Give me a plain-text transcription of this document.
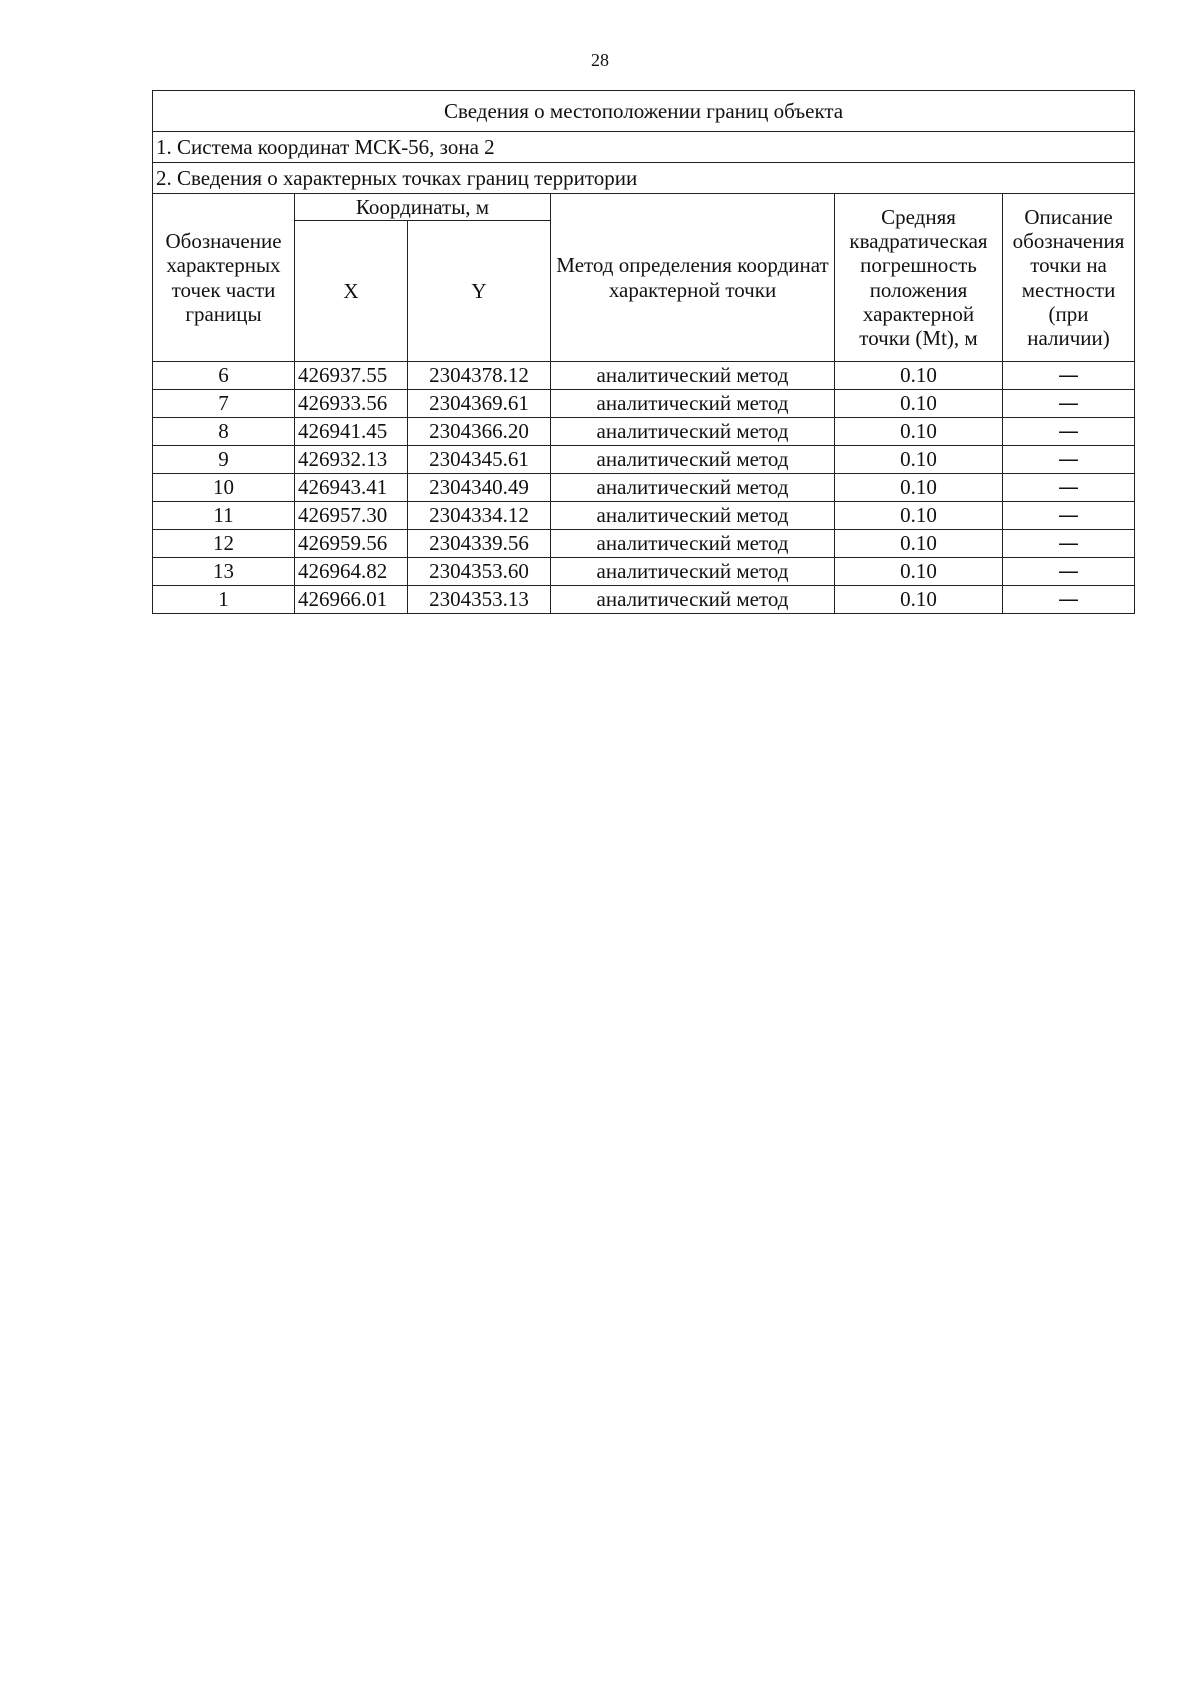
28
Сведения о местоположении границ объекта					
1. Система координат МСК-56, зона 2					
2. Сведения о характерных точках границ территории					
Обозначение характерных точек части границы	Координаты, м		Метод определения координат характерной точки	Средняя квадратическая погрешность положения характерной точки (Mt), м	Описание обозначения точки на местности (при наличии)
	X	Y			
6	426937.55	2304378.12	аналитический метод	0.10	—
7	426933.56	2304369.61	аналитический метод	0.10	—
8	426941.45	2304366.20	аналитический метод	0.10	—
9	426932.13	2304345.61	аналитический метод	0.10	—
10	426943.41	2304340.49	аналитический метод	0.10	—
11	426957.30	2304334.12	аналитический метод	0.10	—
12	426959.56	2304339.56	аналитический метод	0.10	—
13	426964.82	2304353.60	аналитический метод	0.10	—
1	426966.01	2304353.13	аналитический метод	0.10	—
